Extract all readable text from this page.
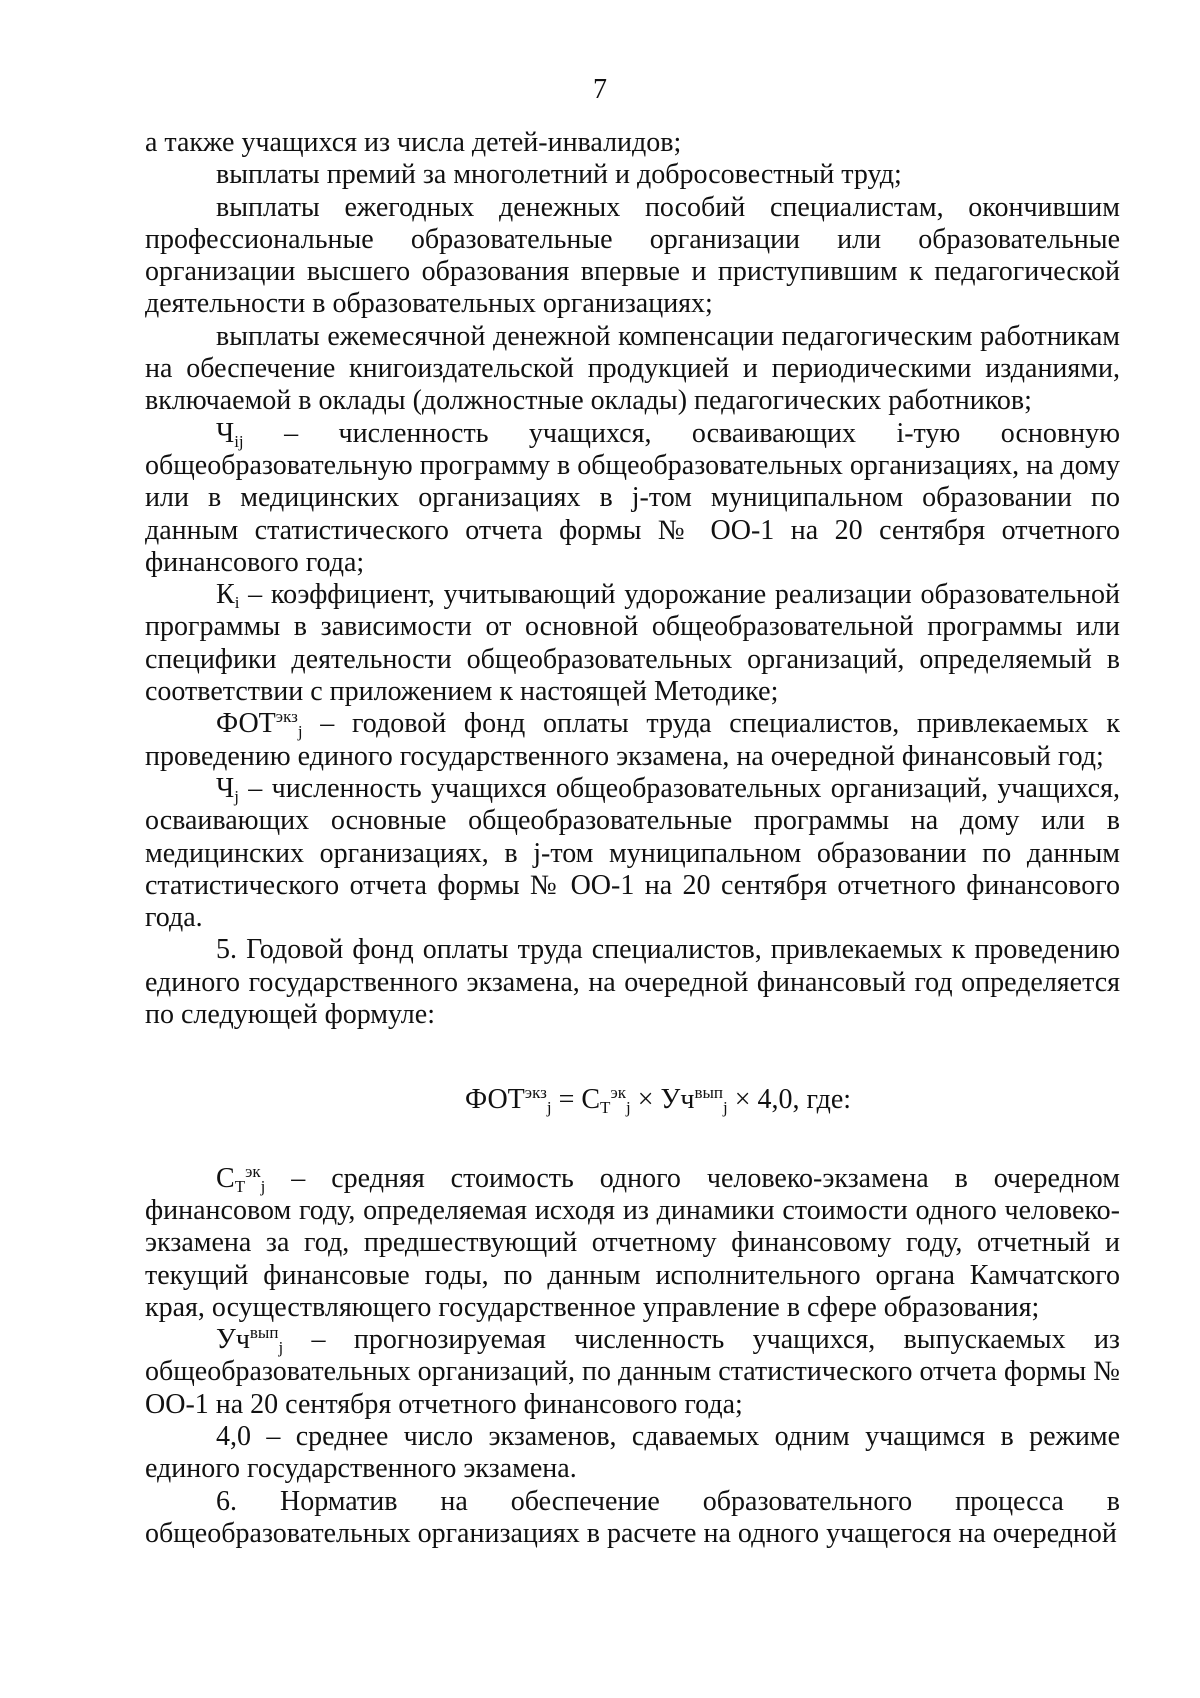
7

а также учащихся из числа детей-инвалидов;

выплаты премий за многолетний и добросовестный труд;

выплаты ежегодных денежных пособий специалистам, окончившим профессиональные образовательные организации или образовательные организации высшего образования впервые и приступившим к педагогической деятельности в образовательных организациях;

выплаты ежемесячной денежной компенсации педагогическим работникам на обеспечение книгоиздательской продукцией и периодическими изданиями, включаемой в оклады (должностные оклады) педагогических работников;

$Ч_{ij}$ – численность учащихся, осваивающих i-тую основную общеобразовательную программу в общеобразовательных организациях, на дому или в медицинских организациях в j-том муниципальном образовании по данным статистического отчета формы № ОО-1 на 20 сентября отчетного финансового года;

$К_i$ – коэффициент, учитывающий удорожание реализации образовательной программы в зависимости от основной общеобразовательной программы или специфики деятельности общеобразовательных организаций, определяемый в соответствии с приложением к настоящей Методике;

$ФОТ^{экз}_j$ – годовой фонд оплаты труда специалистов, привлекаемых к проведению единого государственного экзамена, на очередной финансовый год;

$Ч_j$ – численность учащихся общеобразовательных организаций, учащихся, осваивающих основные общеобразовательные программы на дому или в медицинских организациях, в j-том муниципальном образовании по данным статистического отчета формы № ОО-1 на 20 сентября отчетного финансового года.

5. Годовой фонд оплаты труда специалистов, привлекаемых к проведению единого государственного экзамена, на очередной финансовый год определяется по следующей формуле:

$ФОТ^{экз}_j = С_Т^{эк}_j \times Уч^{вып}_j \times 4,0$, где:

$С_Т^{эк}_j$ – средняя стоимость одного человеко-экзамена в очередном финансовом году, определяемая исходя из динамики стоимости одного человеко-экзамена за год, предшествующий отчетному финансовому году, отчетный и текущий финансовые годы, по данным исполнительного органа Камчатского края, осуществляющего государственное управление в сфере образования;

$Уч^{вып}_j$ – прогнозируемая численность учащихся, выпускаемых из общеобразовательных организаций, по данным статистического отчета формы № ОО-1 на 20 сентября отчетного финансового года;

4,0 – среднее число экзаменов, сдаваемых одним учащимся в режиме единого государственного экзамена.

6. Норматив на обеспечение образовательного процесса в общеобразовательных организациях в расчете на одного учащегося на очередной
